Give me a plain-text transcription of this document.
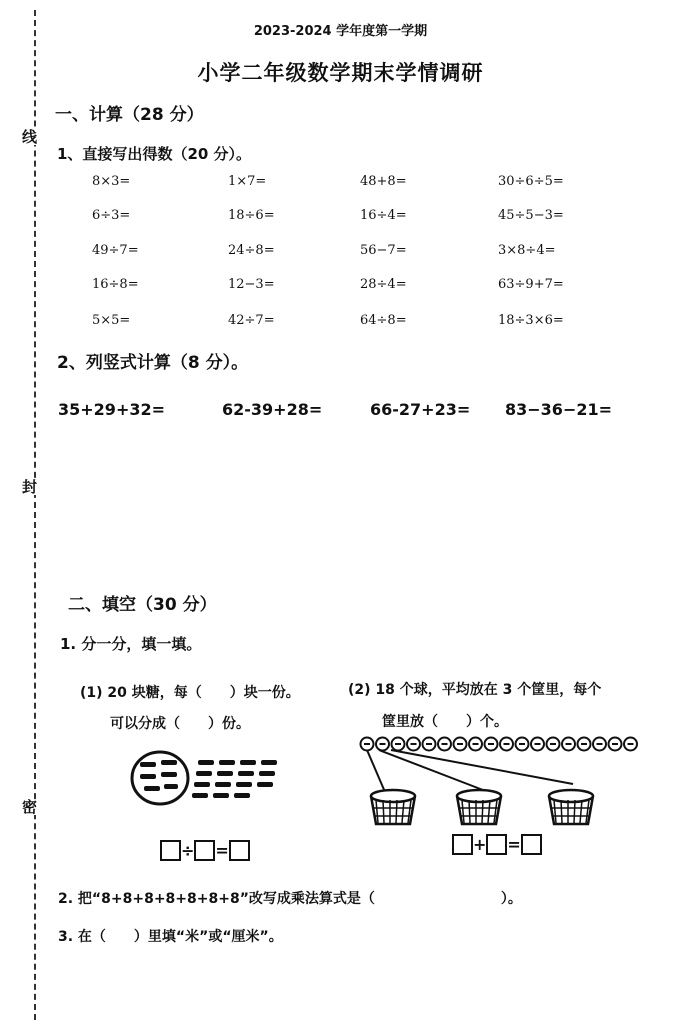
线
封
密
2023-2024 学年度第一学期
小学二年级数学期末学情调研
一、计算（28 分）
1、直接写出得数（20 分）。
8×3=	1×7=	48+8=	30÷6÷5=
6÷3=	18÷6=	16÷4=	45÷5−3=
49÷7=	24÷8=	56−7=	3×8÷4=
16÷8=	12−3=	28÷4=	63÷9+7=
5×5=	42÷7=	64÷8=	18÷3×6=
2、列竖式计算（8 分）。
35+29+32=	62-39+28=	66-27+23= 83−36−21=
二、填空（30 分）
1. 分一分，填一填。
(1) 20 块糖，每（　　）块一份。
可以分成（　　）份。
(2) 18 个球，平均放在 3 个筐里，每个
筐里放（　　）个。
÷ =	+ =
2. 把“8+8+8+8+8+8+8”改写成乘法算式是（　　　　　　　　　）。
3. 在（　　）里填“米”或“厘米”。
